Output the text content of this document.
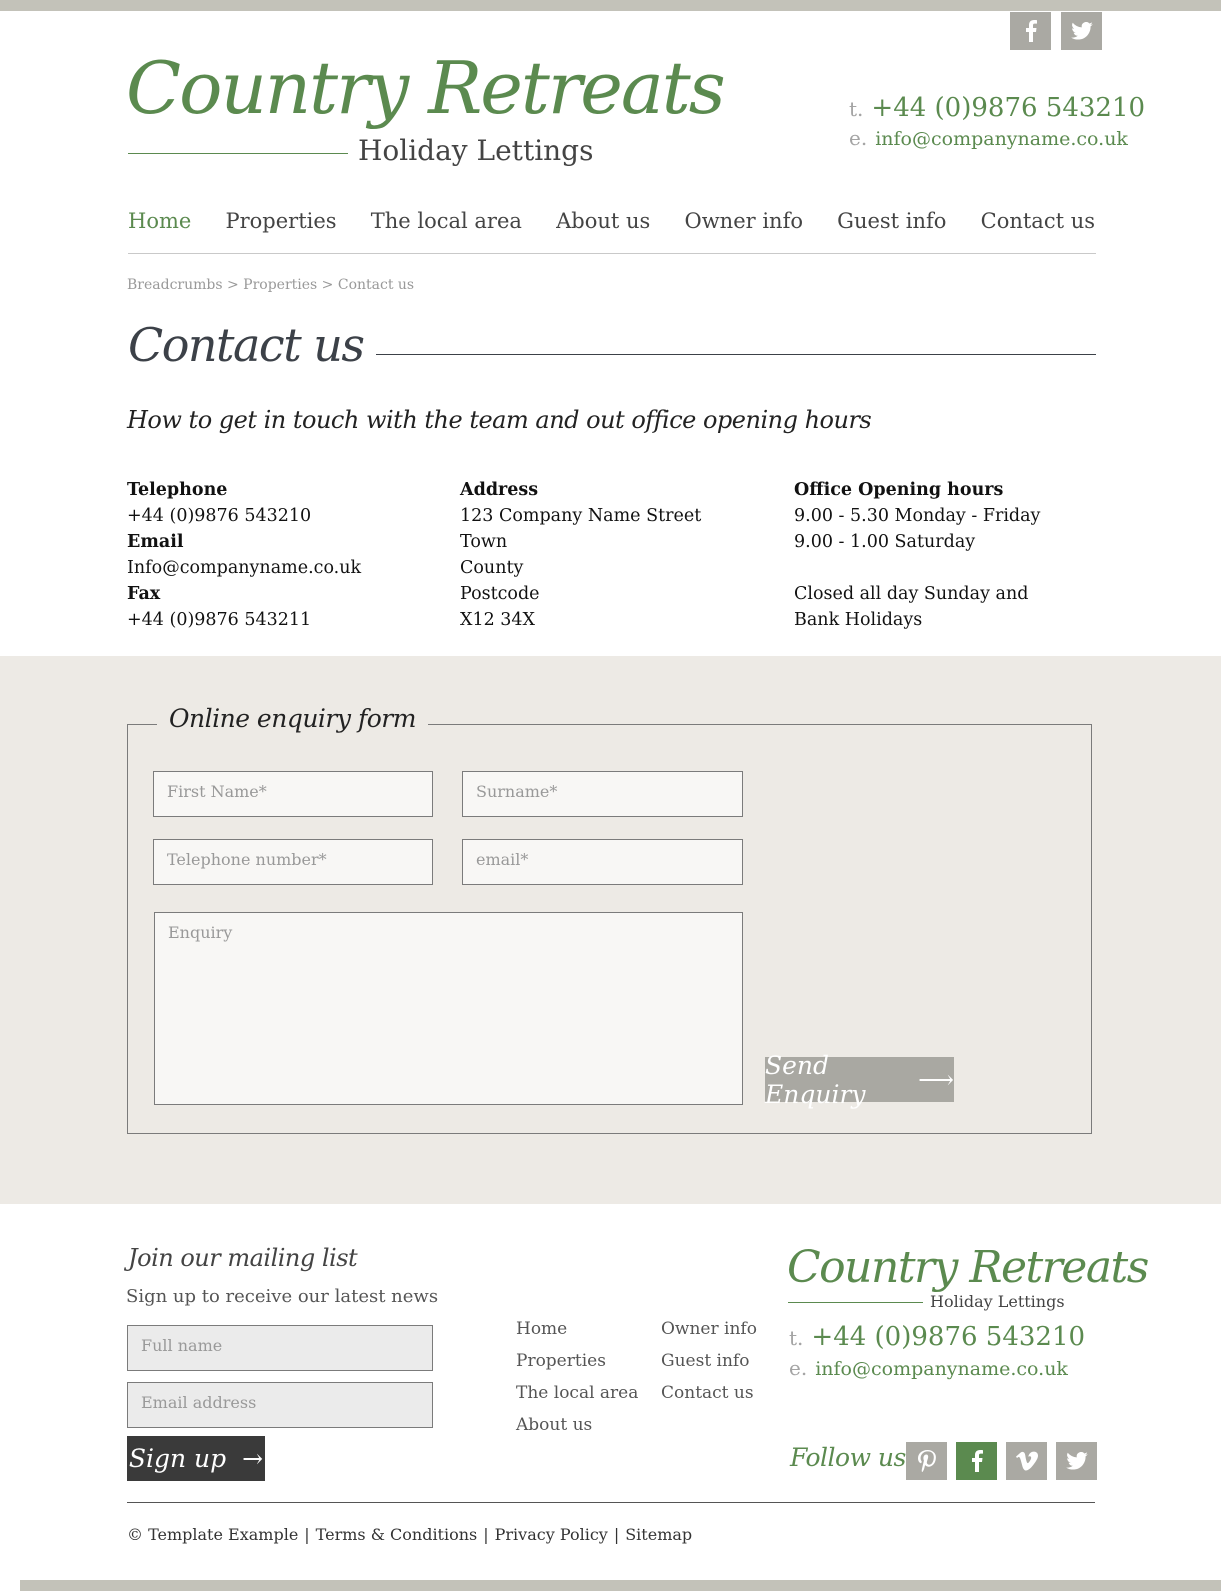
Country Retreats
Holiday Lettings
t. +44 (0)9876 543210
e. info@companyname.co.uk
Home Properties The local area About us Owner info Guest info Contact us
Breadcrumbs > Properties > Contact us
Contact us
How to get in touch with the team and out office opening hours
Telephone
+44 (0)9876 543210
Email
Info@companyname.co.uk
Fax
+44 (0)9876 543211
Address
123 Company Name Street
Town
County
Postcode
X12 34X
Office Opening hours
9.00 - 5.30 Monday - Friday
9.00 - 1.00 Saturday
Closed all day Sunday and
Bank Holidays
Online enquiry form
First Name*	Surname*
Telephone number*	email*
Enquiry
Send Enquiry	⟶
Join our mailing list
Sign up to receive our latest news
Full name
Email address
Sign up →
Home
Properties
The local area
About us
Owner info
Guest info
Contact us
Country Retreats
Holiday Lettings
t. +44 (0)9876 543210
e. info@companyname.co.uk
Follow us
© Template Example | Terms & Conditions | Privacy Policy | Sitemap
